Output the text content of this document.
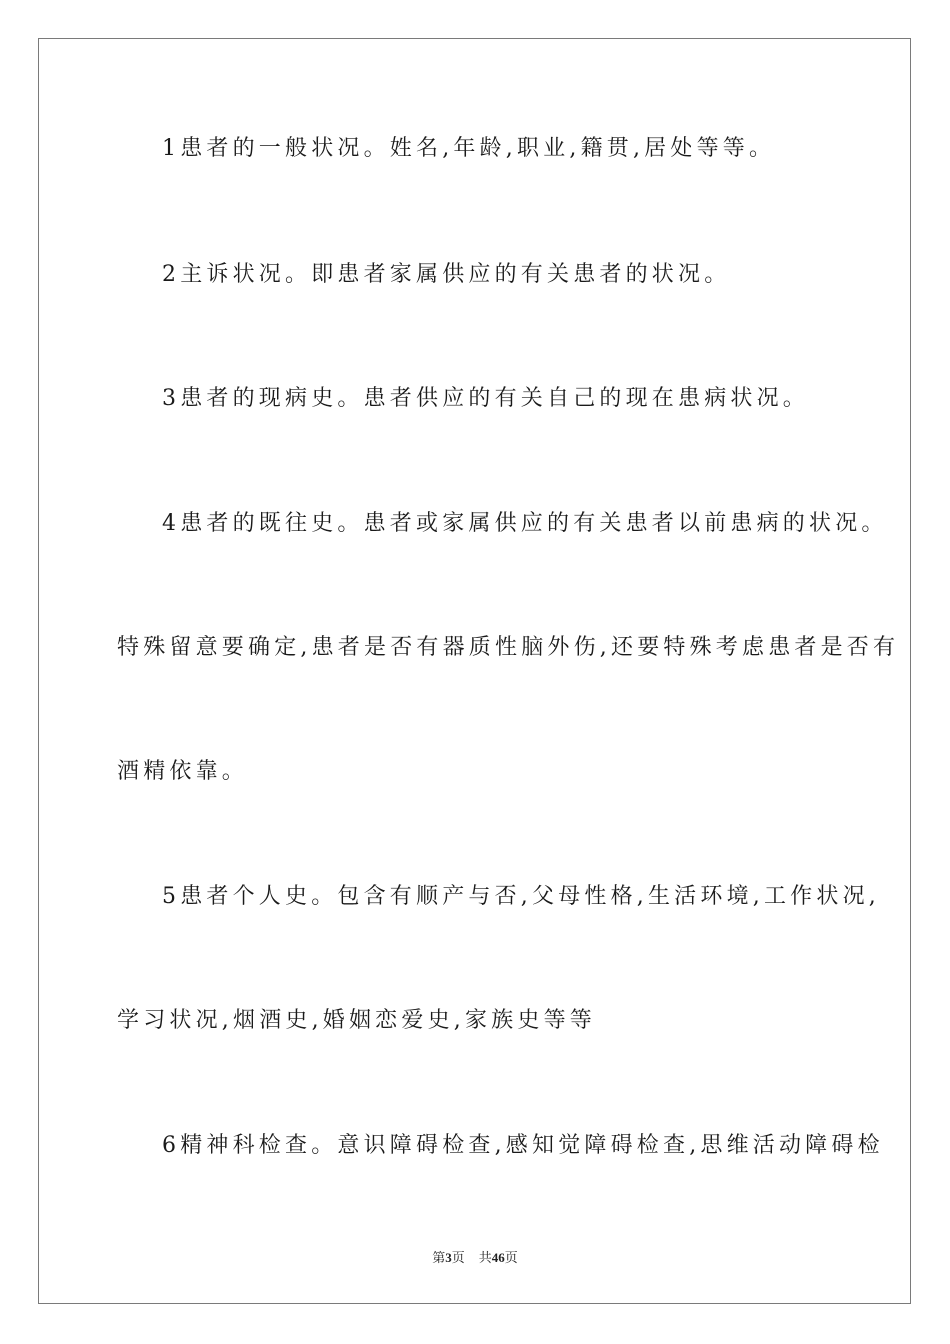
1患者的一般状况。姓名,年龄,职业,籍贯,居处等等。
2主诉状况。即患者家属供应的有关患者的状况。
3患者的现病史。患者供应的有关自己的现在患病状况。
4患者的既往史。患者或家属供应的有关患者以前患病的状况。
特殊留意要确定,患者是否有器质性脑外伤,还要特殊考虑患者是否有
酒精依靠。
5患者个人史。包含有顺产与否,父母性格,生活环境,工作状况,
学习状况,烟酒史,婚姻恋爱史,家族史等等
6精神科检查。意识障碍检查,感知觉障碍检查,思维活动障碍检
第3页 共46页
